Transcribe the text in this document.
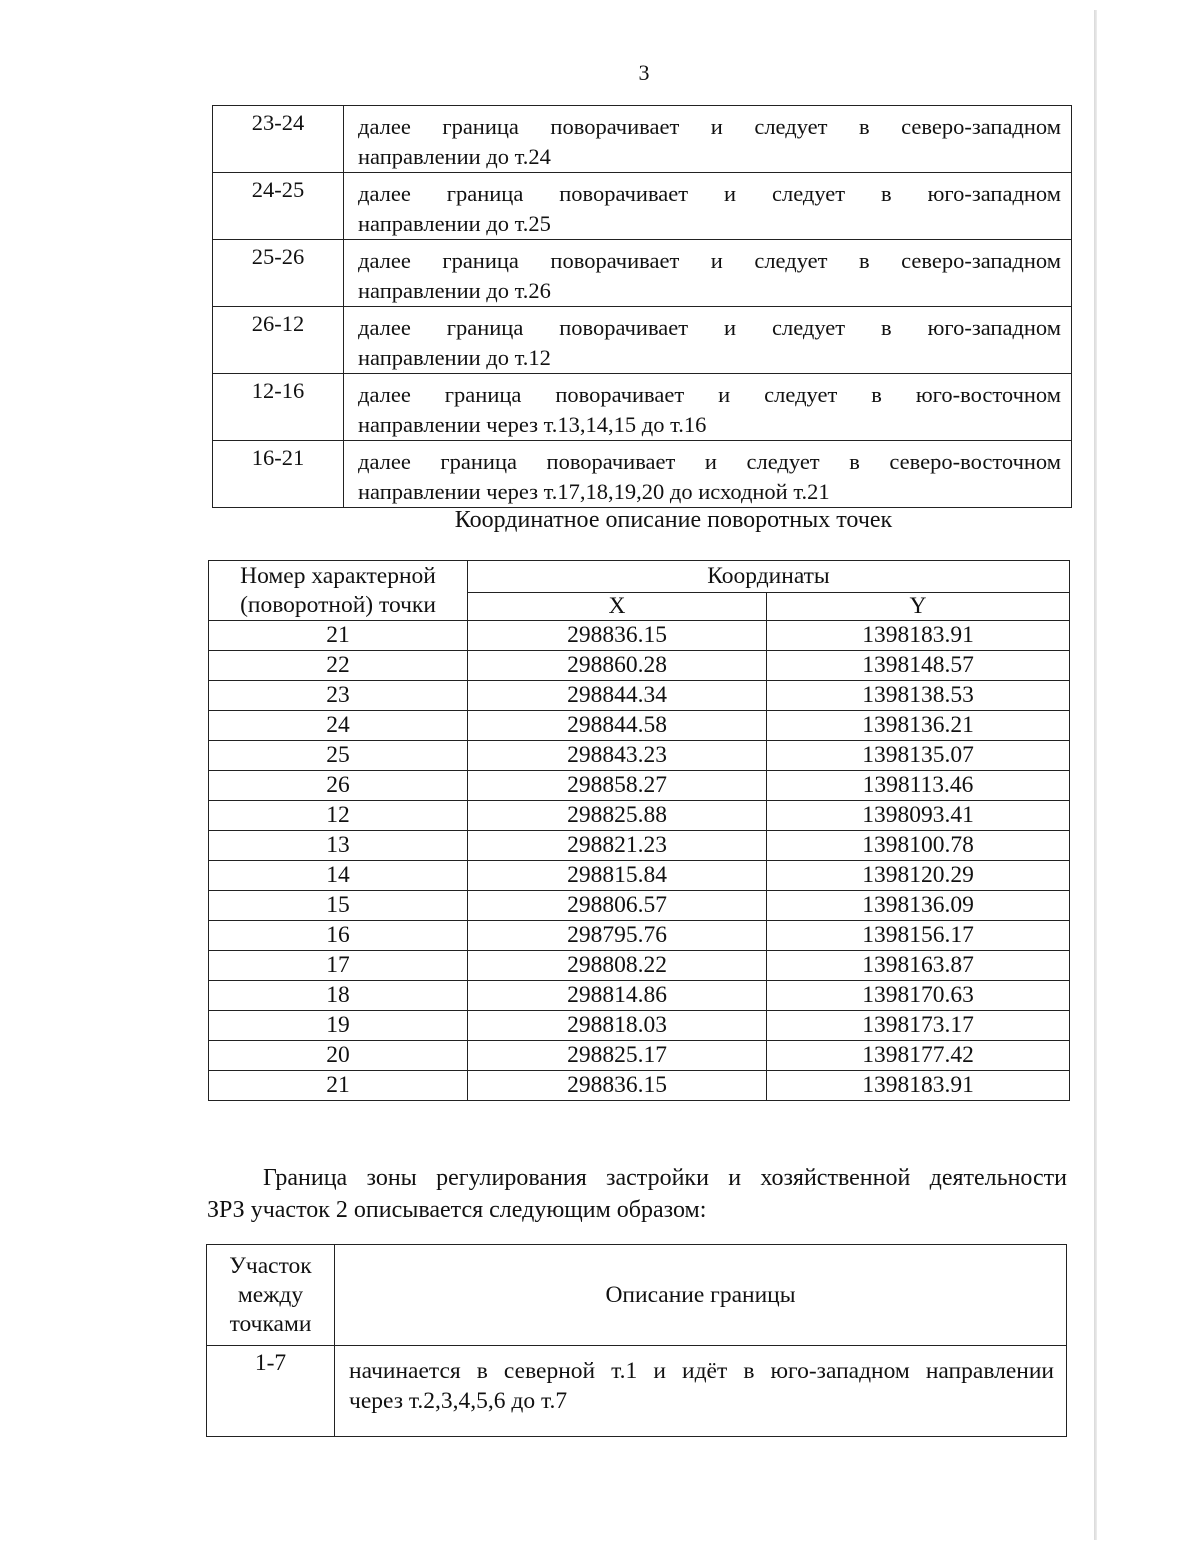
3
23-24	далее граница поворачивает и следует в северо-западном
направлении до т.24

24-25	далее граница поворачивает и следует в юго-западном
направлении до т.25

25-26	далее граница поворачивает и следует в северо-западном
направлении до т.26

26-12	далее граница поворачивает и следует в юго-западном
направлении до т.12

12-16	далее граница поворачивает и следует в юго-восточном
направлении через т.13,14,15 до т.16

16-21	далее граница поворачивает и следует в северо-восточном
направлении через т.17,18,19,20 до исходной т.21
Координатное описание поворотных точек
Номер характерной
(поворотной) точки	Координаты	
	X	Y
21	298836.15	1398183.91
22	298860.28	1398148.57
23	298844.34	1398138.53
24	298844.58	1398136.21
25	298843.23	1398135.07
26	298858.27	1398113.46
12	298825.88	1398093.41
13	298821.23	1398100.78
14	298815.84	1398120.29
15	298806.57	1398136.09
16	298795.76	1398156.17
17	298808.22	1398163.87
18	298814.86	1398170.63
19	298818.03	1398173.17
20	298825.17	1398177.42
21	298836.15	1398183.91
Граница зоны регулирования застройки и хозяйственной деятельности
ЗРЗ участок 2 описывается следующим образом:
Участок
между
точками	Описание границы
1-7	начинается в северной т.1 и идёт в юго-западном направлении
через т.2,3,4,5,6 до т.7
